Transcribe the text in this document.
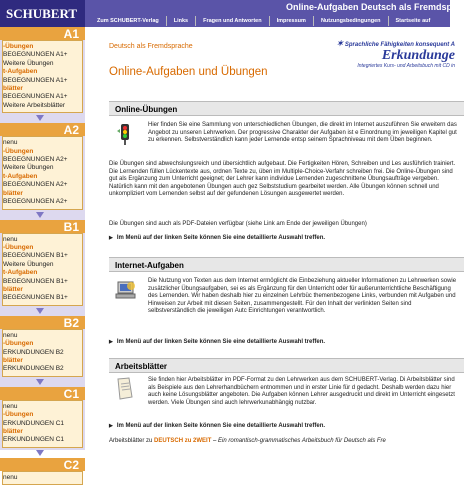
SCHUBERT	Online-Aufgaben Deutsch als Fremdsp
Zum SCHUBERT-Verlag	Links	Fragen und Antworten	Impressum	Nutzungsbedingungen	Startseite auf
A1
-Übungen
BEGEGNUNGEN A1+
Weitere Übungen
t-Aufgaben
BEGEGNUNGEN A1+
blätter
BEGEGNUNGEN A1+
Weitere Arbeitsblätter
A2
nenu
-Übungen
BEGEGNUNGEN A2+
Weitere Übungen
t-Aufgaben
BEGEGNUNGEN A2+
blätter
BEGEGNUNGEN A2+
B1
nenu
-Übungen
BEGEGNUNGEN B1+
Weitere Übungen
t-Aufgaben
BEGEGNUNGEN B1+
blätter
BEGEGNUNGEN B1+
B2
nenu
-Übungen
ERKUNDUNGEN B2
blätter
ERKUNDUNGEN B2
C1
nenu
-Übungen
ERKUNDUNGEN C1
blätter
ERKUNDUNGEN C1
C2
nenu
Deutsch als Fremdsprache
Online-Aufgaben und Übungen
✶ Sprachliche Fähigkeiten konsequent A
Erkundunge
Integriertes Kurs- und Arbeitsbuch mit CD in
Online-Übungen
Hier finden Sie eine Sammlung von unterschiedlichen Übungen, die direkt im Internet auszuführen Sie erweitern das Angebot zu unseren Lehrwerken. Der progressive Charakter der Aufgaben ist e Einordnung im jeweiligen Kapitel gut zu erkennen. Selbstverständlich kann jeder Lernende entsp seinem Sprachniveau mit dem Üben beginnen.
Die Übungen sind abwechslungsreich und übersichtlich aufgebaut. Die Fertigkeiten Hören, Schreiben und Les ausführlich trainiert. Die Lernenden füllen Lückentexte aus, ordnen Texte zu, üben im Multiple-Choice-Verfahr schreiben frei. Die Online-Übungen sind gut als Ergänzung zum Unterricht geeignet; der Lehrer kann individue Lernenden zugeschnittene Übungsaufträge vergeben. Natürlich kann mit den angebotenen Übungen auch gez Selbststudium gearbeitet werden. Alle Übungen können schnell und unkompliziert vom Lernenden selbst auf der gefundenen Lösungen ausgewertet werden.
Die Übungen sind auch als PDF-Dateien verfügbar (siehe Link am Ende der jeweiligen Übungen)
▶ Im Menü auf der linken Seite können Sie eine detaillierte Auswahl treffen.
Internet-Aufgaben
Die Nutzung von Texten aus dem Internet ermöglicht die Einbeziehung aktueller Informationen zu Lehrwerken sowie zusätzlicher Übungsaufgaben, sei es als Ergänzung für den Unterricht oder für außerunterrichtliche Beschäftigung des Lernenden. Wir haben deshalb hier zu einzelnen Lehrbüc themenbezogene Links, verbunden mit Aufgaben und Hinweisen zur Arbeit mit diesen Seiten, zusammengestellt. Für den Inhalt der verlinkten Seiten sind selbstverständlich die jeweiligen Autc Einrichtungen verantwortlich.
▶ Im Menü auf der linken Seite können Sie eine detaillierte Auswahl treffen.
Arbeitsblätter
Sie finden hier Arbeitsblätter im PDF-Format zu den Lehrwerken aus dem SCHUBERT-Verlag. Di Arbeitsblätter sind als Beispiele aus den Lehrerhandbüchern entnommen und in erster Linie für d gedacht. Deshalb werden dazu hier auch keine Lösungsblätter angeboten. Die Aufgaben können Lehrer ausgedruckt und direkt im Unterricht eingesetzt werden. Viele Übungen sind auch lehrwerkunabhängig nutzbar.
▶ Im Menü auf der linken Seite können Sie eine detaillierte Auswahl treffen.
Arbeitsblätter zu DEUTSCH zu 2WEIT – Ein romantisch-grammatisches Arbeitsbuch für Deutsch als Fre
